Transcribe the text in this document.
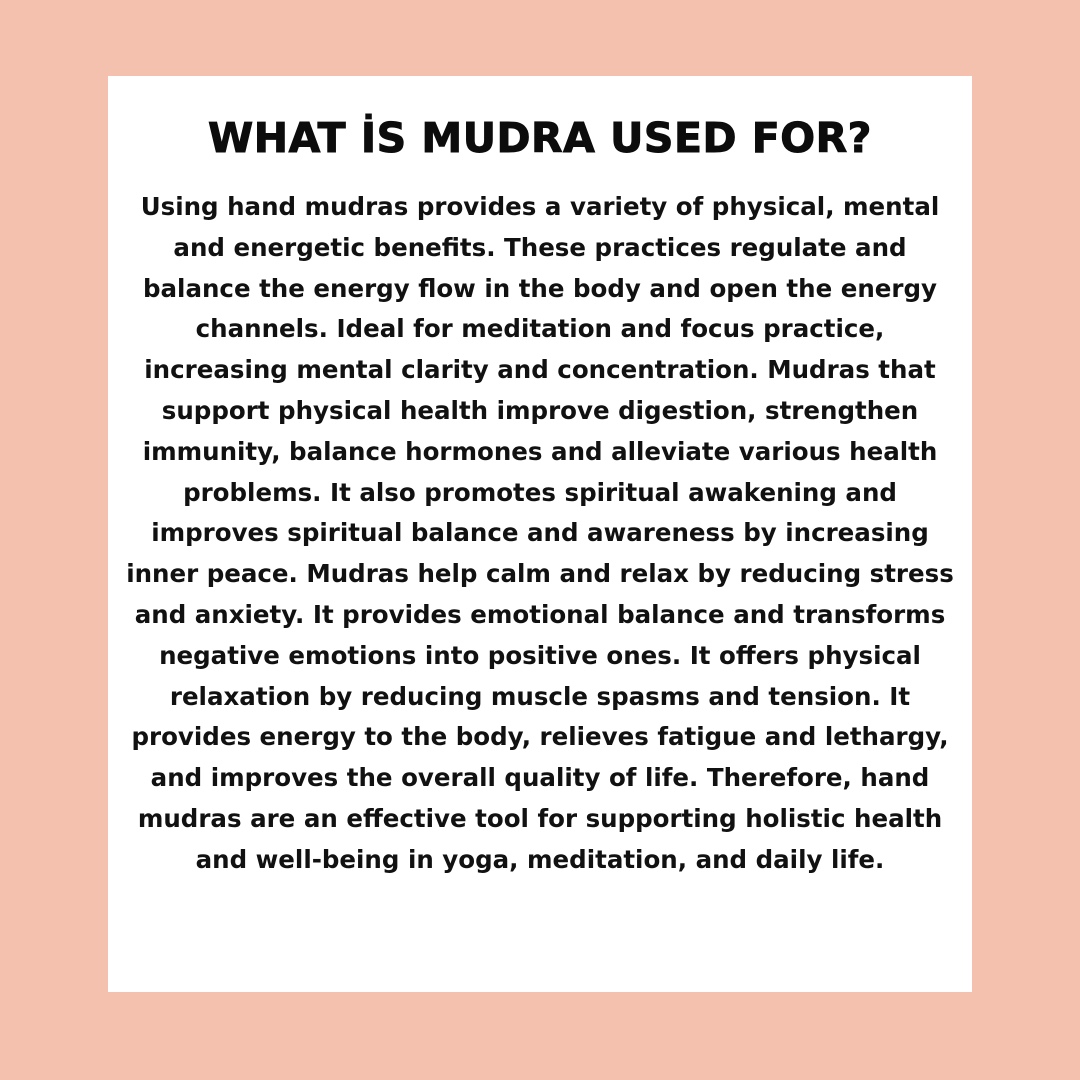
WHAT İS MUDRA USED FOR?

Using hand mudras provides a variety of physical, mental
and energetic benefits. These practices regulate and
balance the energy flow in the body and open the energy
channels. Ideal for meditation and focus practice,
increasing mental clarity and concentration. Mudras that
support physical health improve digestion, strengthen
immunity, balance hormones and alleviate various health
problems. It also promotes spiritual awakening and
improves spiritual balance and awareness by increasing
inner peace. Mudras help calm and relax by reducing stress
and anxiety. It provides emotional balance and transforms
negative emotions into positive ones. It offers physical
relaxation by reducing muscle spasms and tension. It
provides energy to the body, relieves fatigue and lethargy,
and improves the overall quality of life. Therefore, hand
mudras are an effective tool for supporting holistic health
and well-being in yoga, meditation, and daily life.
